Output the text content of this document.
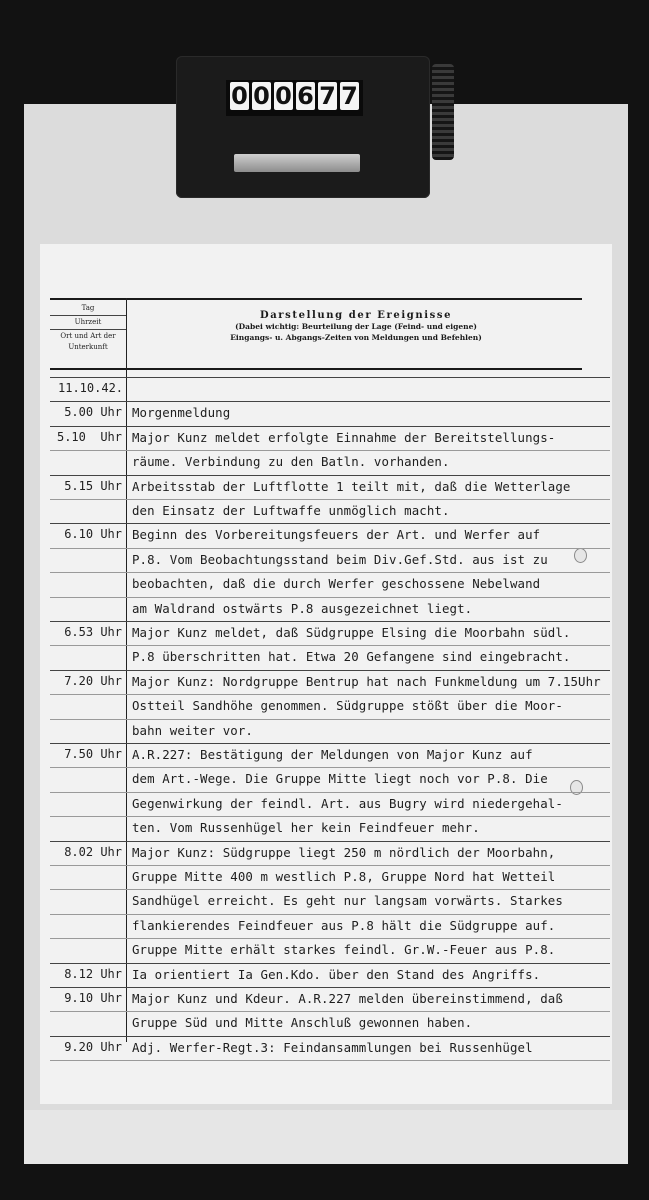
0 0 0 6 7 7
Tag
Uhrzeit
Ort und Art der Unterkunft
Darstellung der Ereignisse
(Dabei wichtig: Beurteilung der Lage (Feind- und eigene)
Eingangs- u. Abgangs-Zeiten von Meldungen und Befehlen)
11.10.42.
5.00 Uhr Morgenmeldung
5.10  Uhr Major Kunz meldet erfolgte Einnahme der Bereitstellungs-
räume. Verbindung zu den Batln. vorhanden.
5.15 Uhr Arbeitsstab der Luftflotte 1 teilt mit, daß die Wetterlage
den Einsatz der Luftwaffe unmöglich macht.
6.10 Uhr Beginn des Vorbereitungsfeuers der Art. und Werfer auf
P.8. Vom Beobachtungsstand beim Div.Gef.Std. aus ist zu
beobachten, daß die durch Werfer geschossene Nebelwand
am Waldrand ostwärts P.8 ausgezeichnet liegt.
6.53 Uhr Major Kunz meldet, daß Südgruppe Elsing die Moorbahn südl.
P.8 überschritten hat. Etwa 20 Gefangene sind eingebracht.
7.20 Uhr Major Kunz: Nordgruppe Bentrup hat nach Funkmeldung um 7.15Uhr
Ostteil Sandhöhe genommen. Südgruppe stößt über die Moor-
bahn weiter vor.
7.50 Uhr A.R.227: Bestätigung der Meldungen von Major Kunz auf
dem Art.-Wege. Die Gruppe Mitte liegt noch vor P.8. Die
Gegenwirkung der feindl. Art. aus Bugry wird niedergehal-
ten. Vom Russenhügel her kein Feindfeuer mehr.
8.02 Uhr Major Kunz: Südgruppe liegt 250 m nördlich der Moorbahn,
Gruppe Mitte 400 m westlich P.8, Gruppe Nord hat Wetteil
Sandhügel erreicht. Es geht nur langsam vorwärts. Starkes
flankierendes Feindfeuer aus P.8 hält die Südgruppe auf.
Gruppe Mitte erhält starkes feindl. Gr.W.-Feuer aus P.8.
8.12 Uhr Ia orientiert Ia Gen.Kdo. über den Stand des Angriffs.
9.10 Uhr Major Kunz und Kdeur. A.R.227 melden übereinstimmend, daß
Gruppe Süd und Mitte Anschluß gewonnen haben.
9.20 Uhr Adj. Werfer-Regt.3: Feindansammlungen bei Russenhügel
